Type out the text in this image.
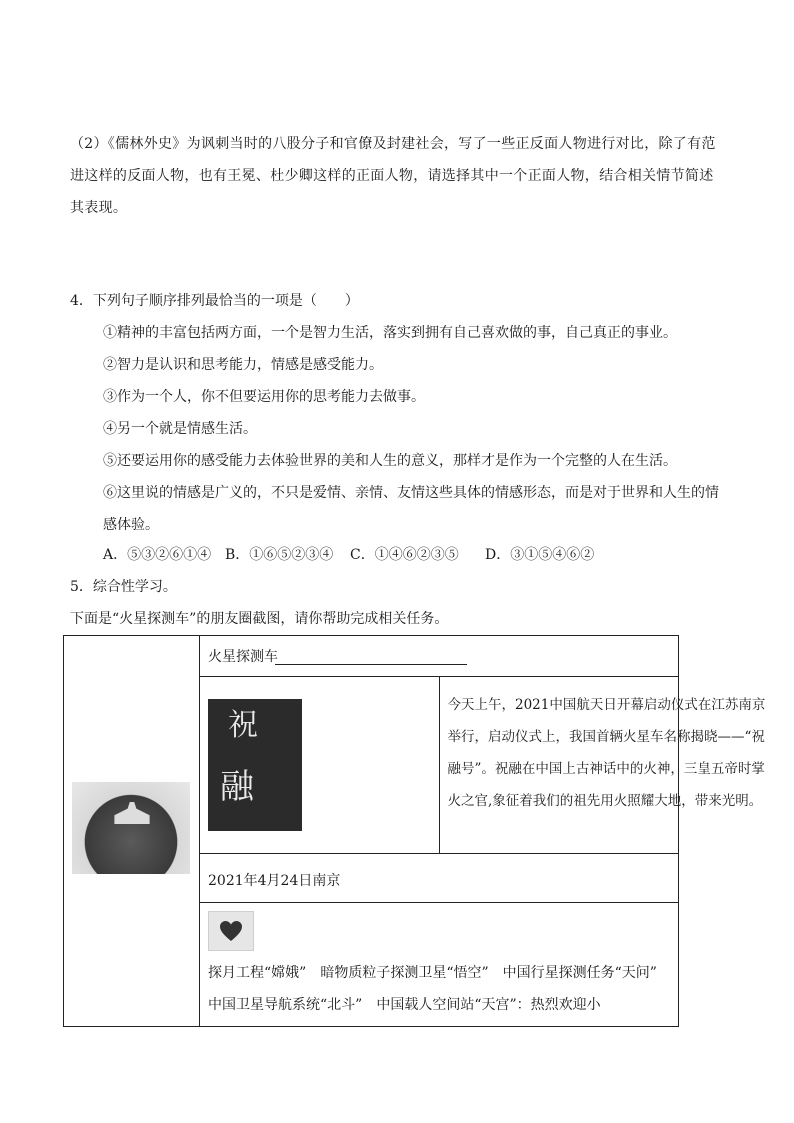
（2）《儒林外史》为讽刺当时的八股分子和官僚及封建社会，写了一些正反面人物进行对比，除了有范进这样的反面人物，也有王冕、杜少卿这样的正面人物，请选择其中一个正面人物，结合相关情节简述其表现。
4．下列句子顺序排列最恰当的一项是（　　）
①精神的丰富包括两方面，一个是智力生活，落实到拥有自己喜欢做的事，自己真正的事业。
②智力是认识和思考能力，情感是感受能力。
③作为一个人，你不但要运用你的思考能力去做事。
④另一个就是情感生活。
⑤还要运用你的感受能力去体验世界的美和人生的意义，那样才是作为一个完整的人在生活。
⑥这里说的情感是广义的，不只是爱情、亲情、友情这些具体的情感形态，而是对于世界和人生的情
感体验。
A．⑤③②⑥①④ B．①⑥⑤②③④ C．①④⑥②③⑤ D．③①⑤④⑥②
5．综合性学习。
下面是“火星探测车”的朋友圈截图，请你帮助完成相关任务。

	火星探测车	

	祝
融	今天上午，2021中国航天日开幕启动仪式在江苏南京举行，启动仪式上，我国首辆火星车名称揭晓——“祝融号”。祝融在中国上古神话中的火神，三皇五帝时掌火之官,象征着我们的祖先用火照耀大地，带来光明。

	2021年4月24日南京	

	探月工程“嫦娥”　暗物质粒子探测卫星“悟空”　中国行星探测任务“天问”　中国卫星导航系统“北斗”　中国载人空间站“天宫”：热烈欢迎小	
